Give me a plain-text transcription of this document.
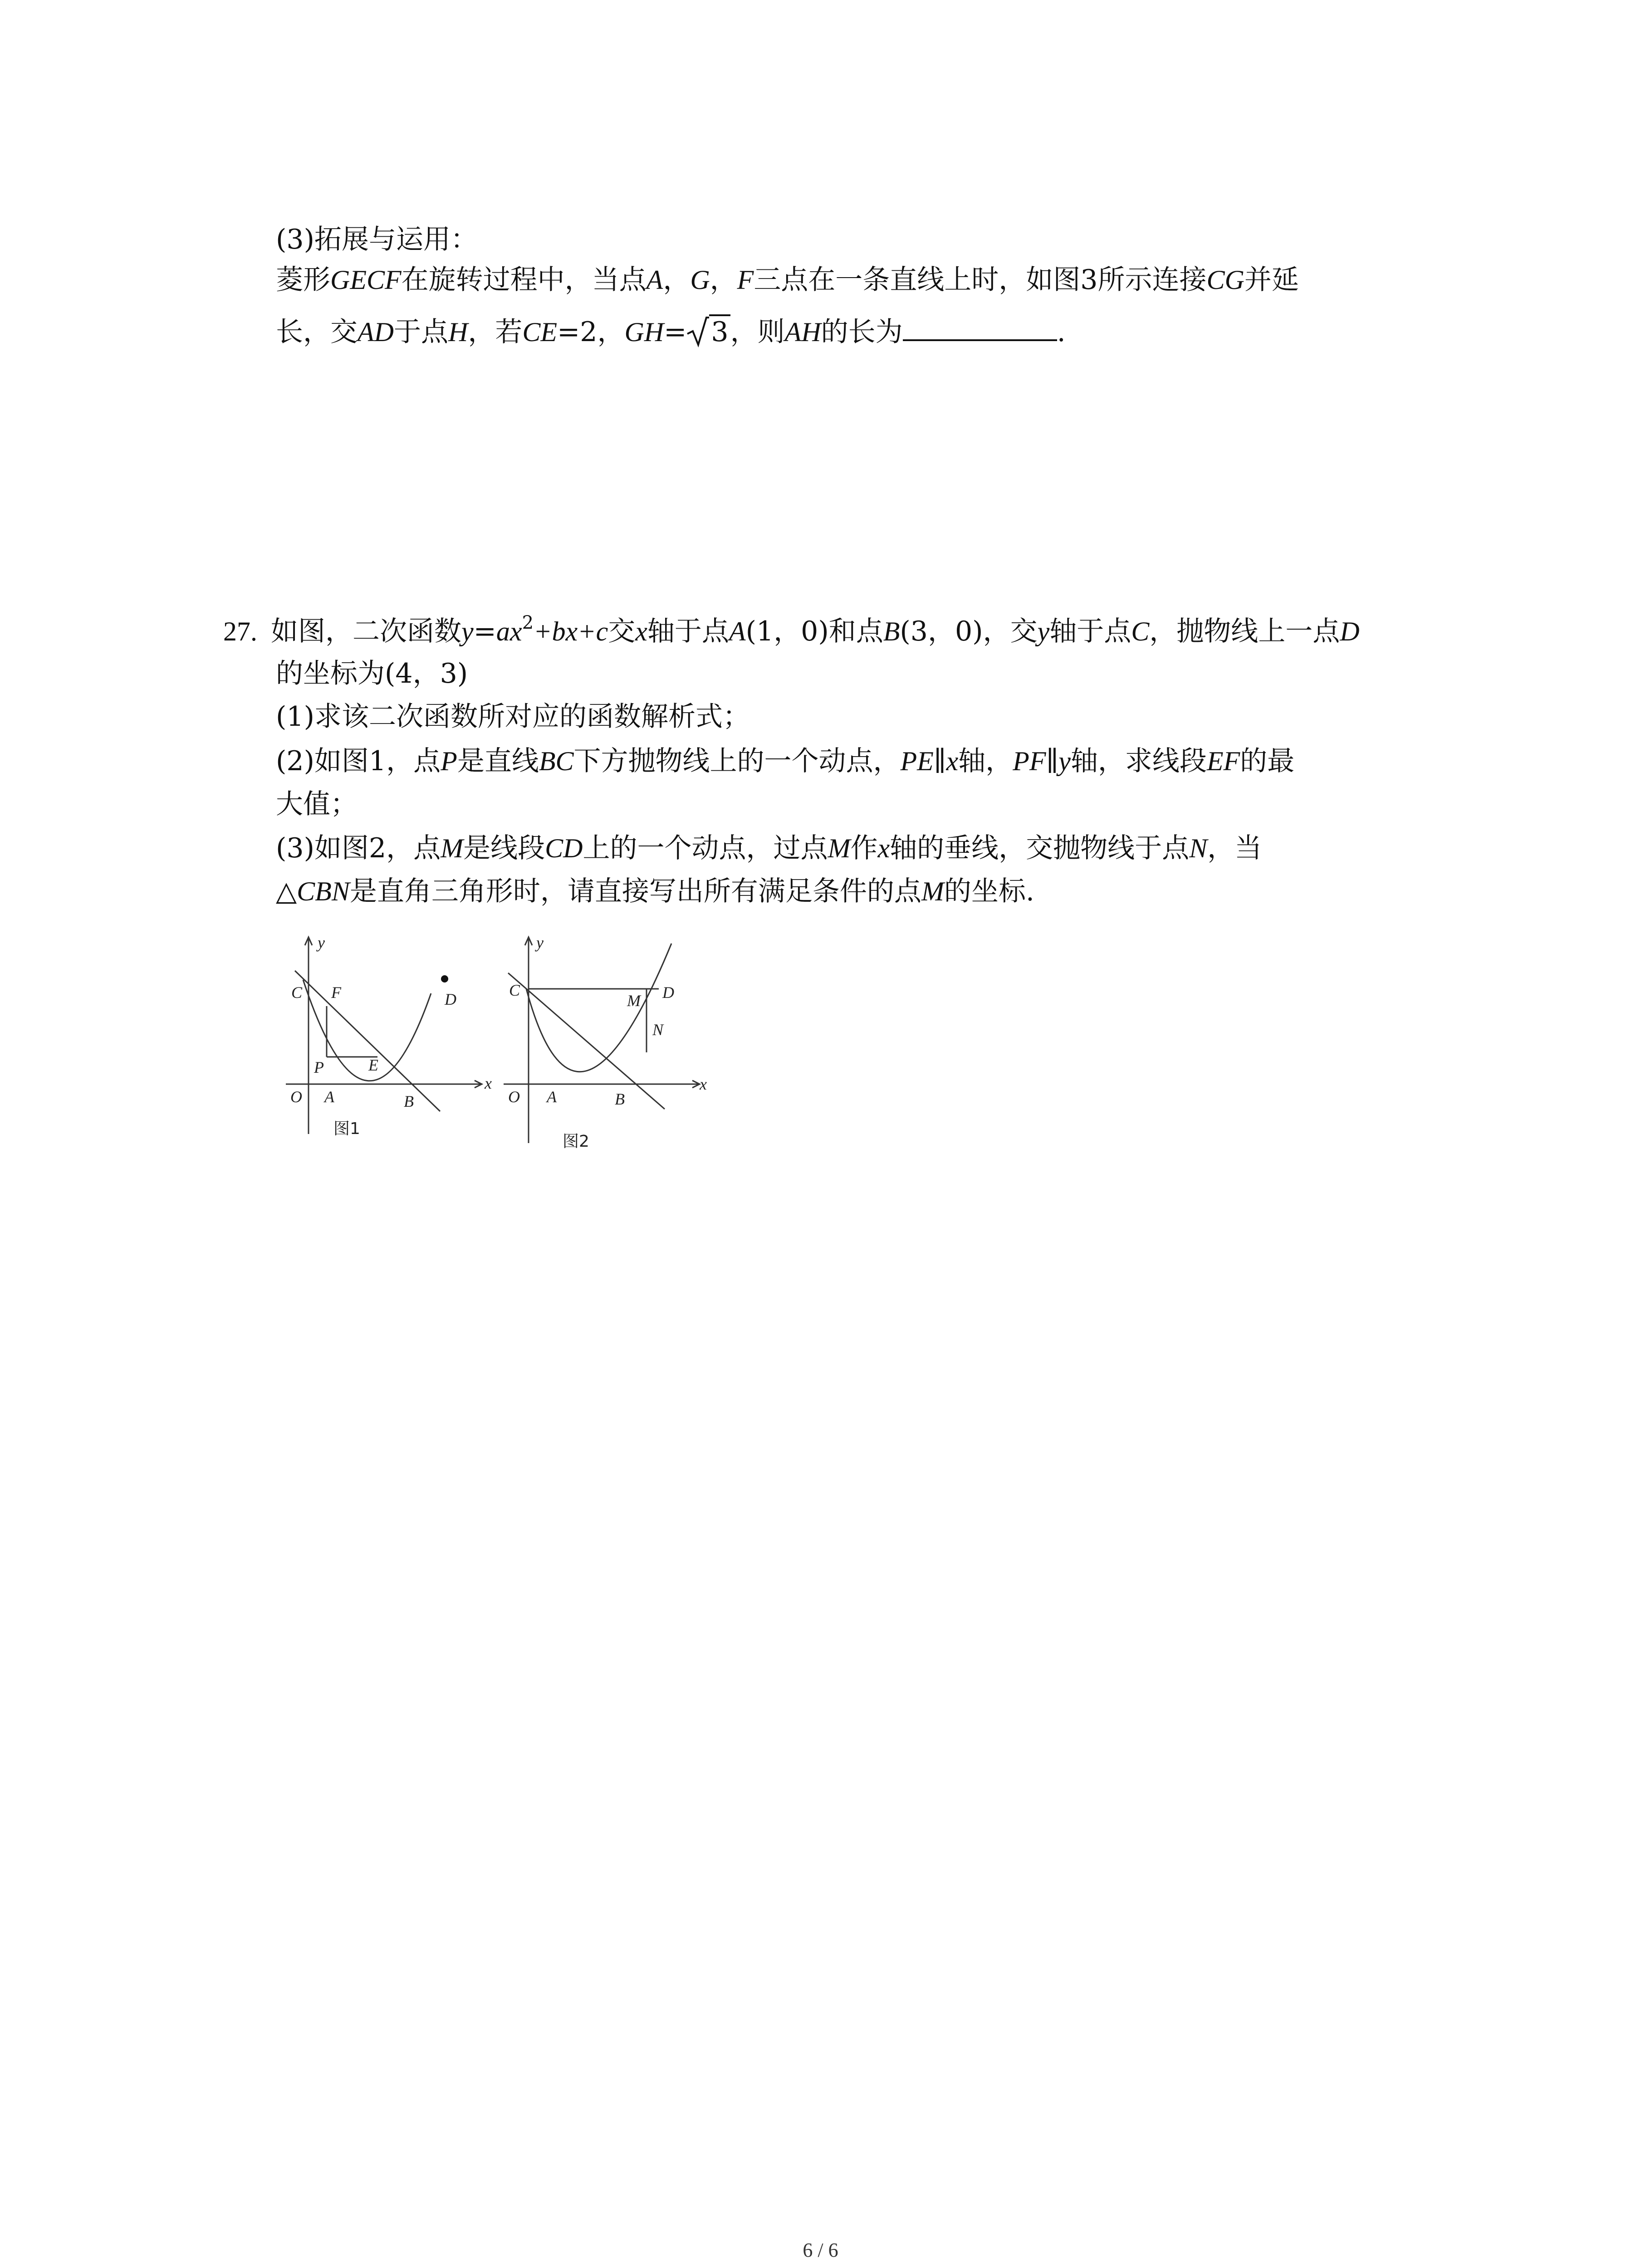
(3)拓展与运用：
菱形GECF在旋转过程中，当点A，G，F三点在一条直线上时，如图3所示连接CG并延
长，交AD于点H，若CE=2，GH= 3，则AH的长为	.
27. 如图，二次函数$y=ax^2+bx+c$交x轴于点A(1，0)和点B(3，0)，交y轴于点C，抛物线上一点D
的坐标为(4，3)
(1)求该二次函数所对应的函数解析式；
(2)如图1，点P是直线BC下方抛物线上的一个动点，PE∥x轴，PF∥y轴，求线段EF的最
大值；
(3)如图2，点M是线段CD上的一个动点，过点M作x轴的垂线，交抛物线于点N，当
△CBN是直角三角形时，请直接写出所有满足条件的点M的坐标.
y
x
O
C F	D
P	E
A	B
图1
y
x
O
C
M D
N
A	B
图2
6 / 6
